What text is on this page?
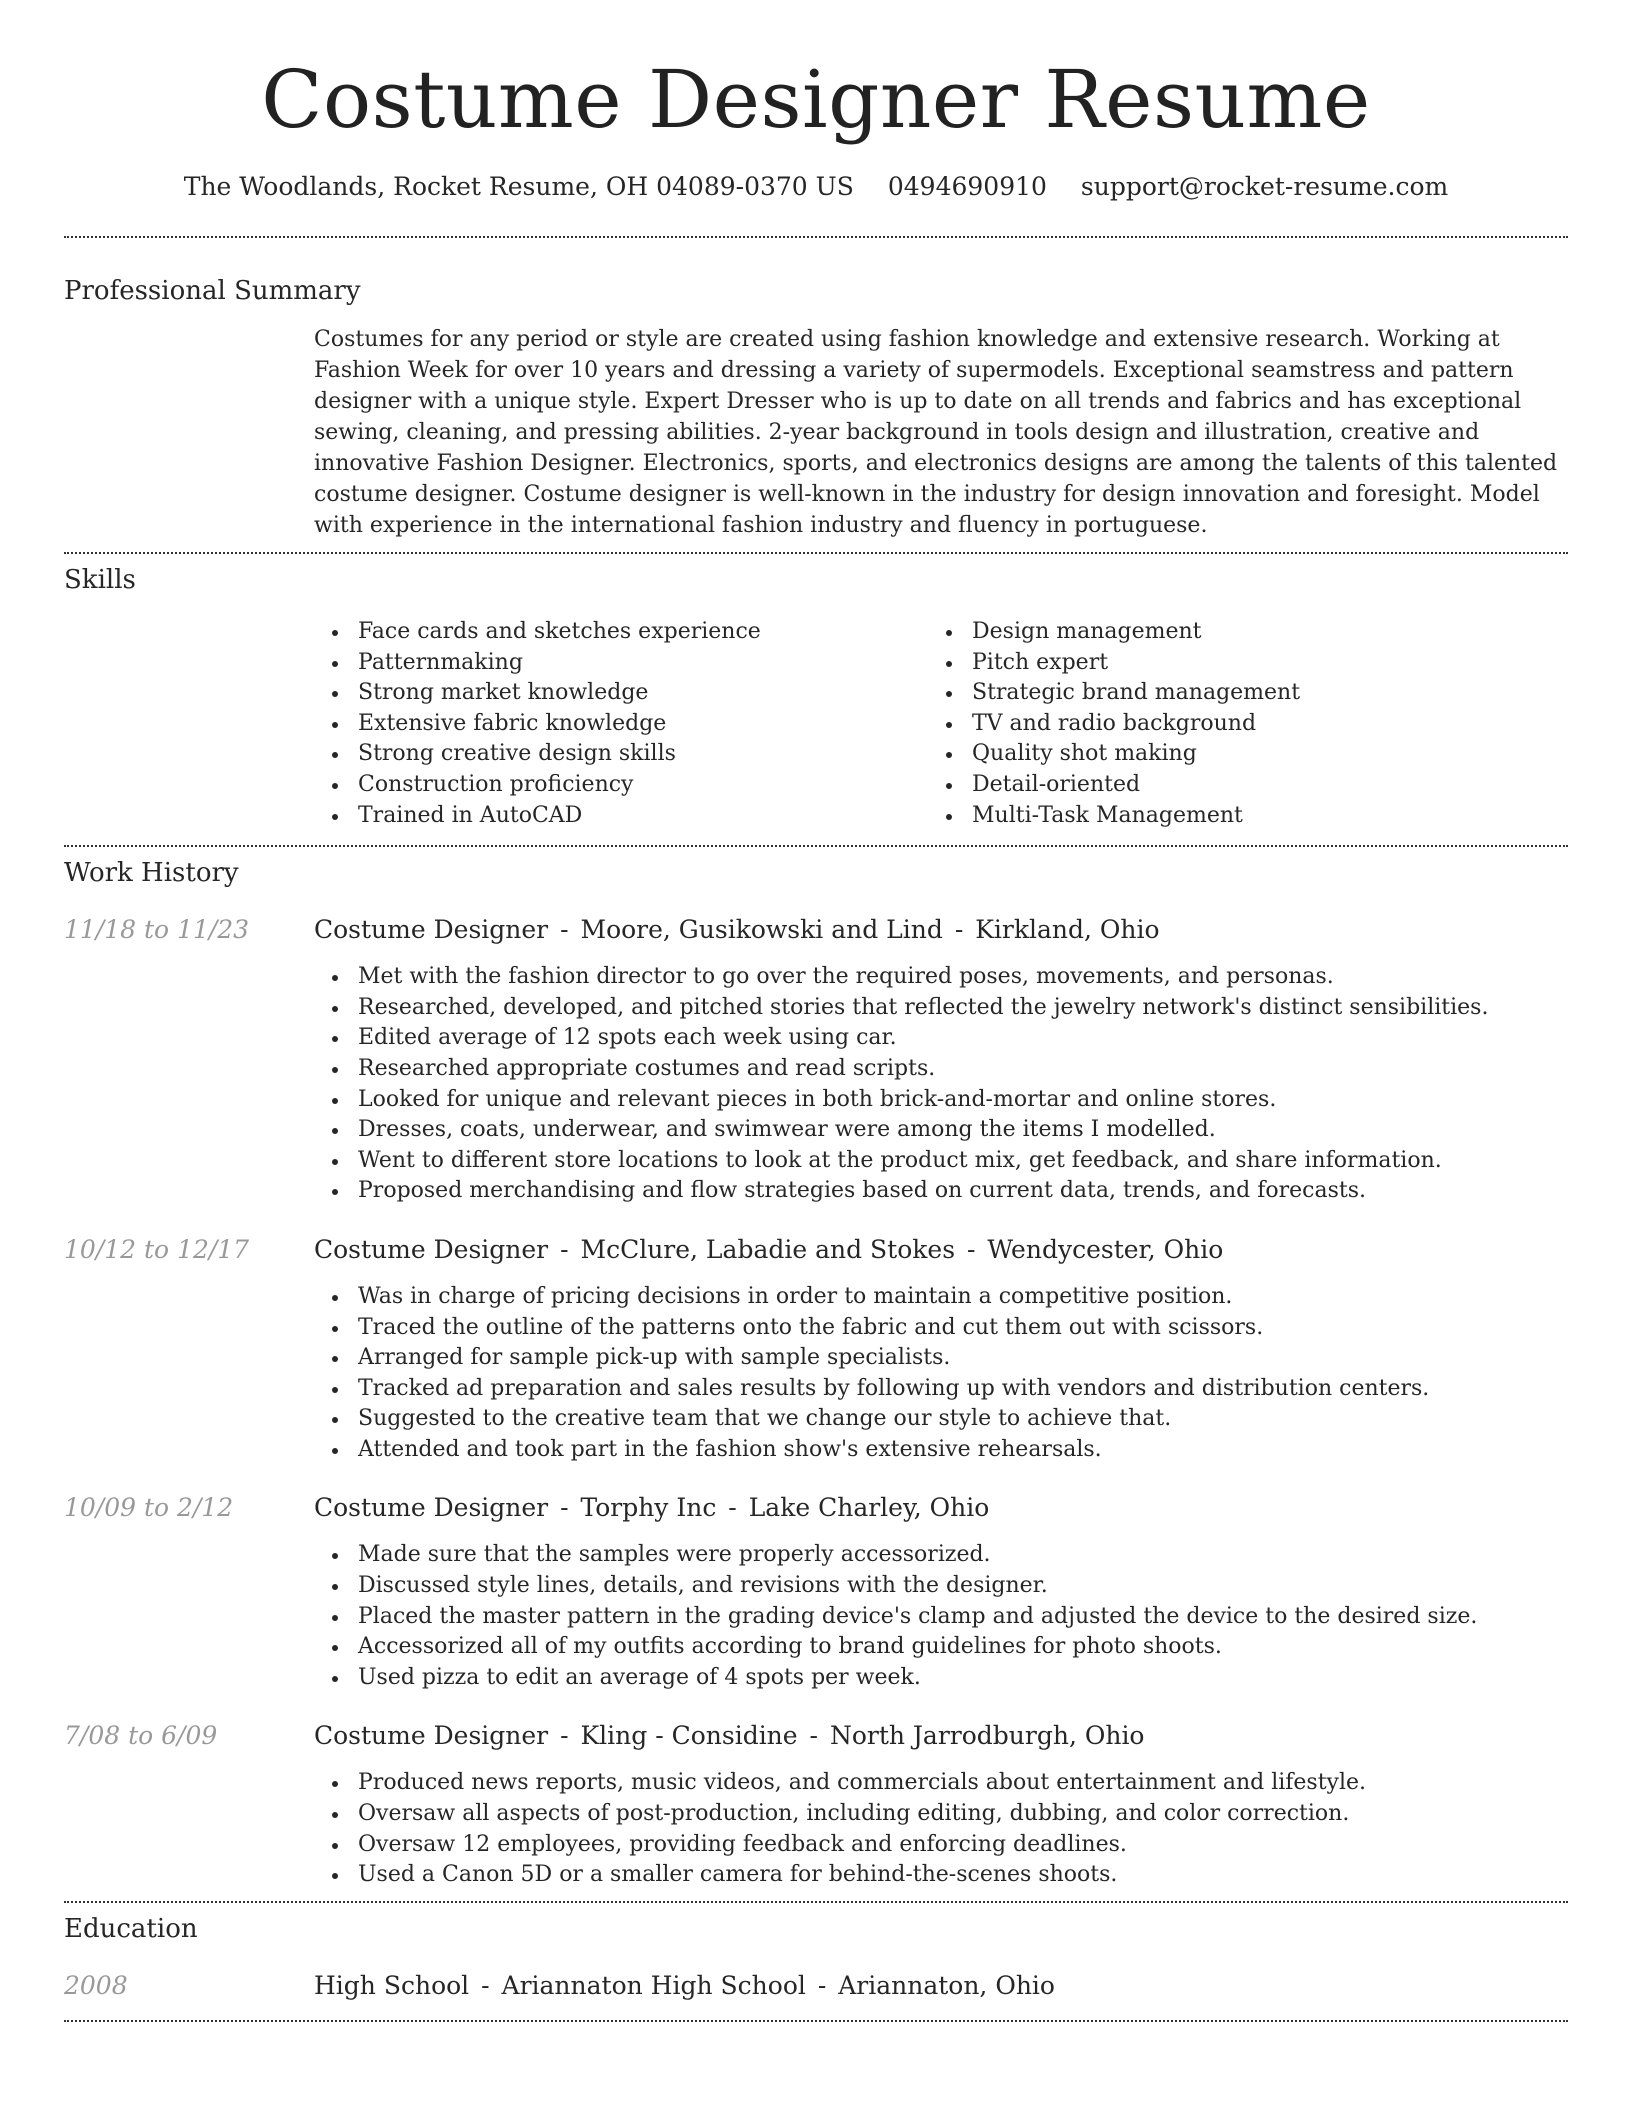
Costume Designer Resume
The Woodlands, Rocket Resume, OH 04089-0370 US 0494690910 support@rocket-resume.com
Professional Summary

Costumes for any period or style are created using fashion knowledge and extensive research. Working at Fashion Week for over 10 years and dressing a variety of supermodels. Exceptional seamstress and pattern designer with a unique style. Expert Dresser who is up to date on all trends and fabrics and has exceptional sewing, cleaning, and pressing abilities. 2-year background in tools design and illustration, creative and innovative Fashion Designer. Electronics, sports, and electronics designs are among the talents of this talented costume designer. Costume designer is well-known in the industry for design innovation and foresight. Model with experience in the international fashion industry and fluency in portuguese.

Skills
Face cards and sketches experience
Patternmaking
Strong market knowledge
Extensive fabric knowledge
Strong creative design skills
Construction proficiency
Trained in AutoCAD
Design management
Pitch expert
Strategic brand management
TV and radio background
Quality shot making
Detail-oriented
Multi-Task Management
Work History
11/18 to 11/23	Costume Designer - Moore, Gusikowski and Lind - Kirkland, Ohio
Met with the fashion director to go over the required poses, movements, and personas.
Researched, developed, and pitched stories that reflected the jewelry network's distinct sensibilities.
Edited average of 12 spots each week using car.
Researched appropriate costumes and read scripts.
Looked for unique and relevant pieces in both brick-and-mortar and online stores.
Dresses, coats, underwear, and swimwear were among the items I modelled.
Went to different store locations to look at the product mix, get feedback, and share information.
Proposed merchandising and flow strategies based on current data, trends, and forecasts.
10/12 to 12/17	Costume Designer - McClure, Labadie and Stokes - Wendycester, Ohio
Was in charge of pricing decisions in order to maintain a competitive position.
Traced the outline of the patterns onto the fabric and cut them out with scissors.
Arranged for sample pick-up with sample specialists.
Tracked ad preparation and sales results by following up with vendors and distribution centers.
Suggested to the creative team that we change our style to achieve that.
Attended and took part in the fashion show's extensive rehearsals.
10/09 to 2/12	Costume Designer - Torphy Inc - Lake Charley, Ohio
Made sure that the samples were properly accessorized.
Discussed style lines, details, and revisions with the designer.
Placed the master pattern in the grading device's clamp and adjusted the device to the desired size.
Accessorized all of my outfits according to brand guidelines for photo shoots.
Used pizza to edit an average of 4 spots per week.
7/08 to 6/09	Costume Designer - Kling - Considine - North Jarrodburgh, Ohio
Produced news reports, music videos, and commercials about entertainment and lifestyle.
Oversaw all aspects of post-production, including editing, dubbing, and color correction.
Oversaw 12 employees, providing feedback and enforcing deadlines.
Used a Canon 5D or a smaller camera for behind-the-scenes shoots.
Education
2008	High School - Ariannaton High School - Ariannaton, Ohio
